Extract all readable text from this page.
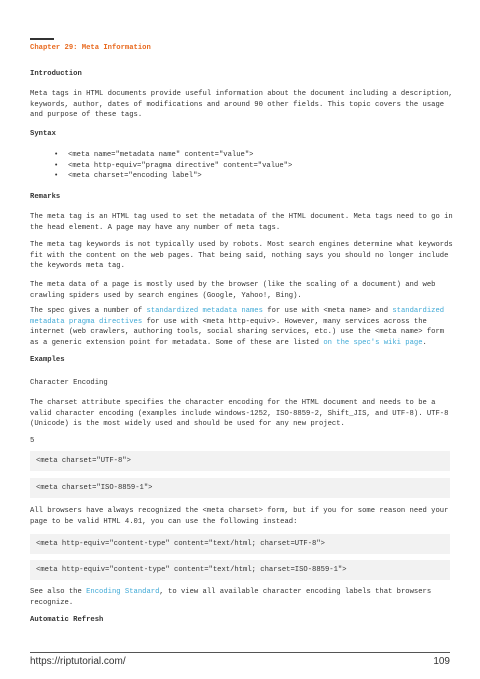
Chapter 29: Meta Information
Introduction

Meta tags in HTML documents provide useful information about the document including a description, keywords, author, dates of modifications and around 90 other fields. This topic covers the usage and purpose of these tags.

Syntax
• <meta name="metadata name" content="value">
• <meta http-equiv="pragma directive" content="value">
• <meta charset="encoding label">
Remarks

The meta tag is an HTML tag used to set the metadata of the HTML document. Meta tags need to go in the head element. A page may have any number of meta tags.

The meta tag keywords is not typically used by robots. Most search engines determine what keywords fit with the content on the web pages. That being said, nothing says you should no longer include the keywords meta tag.

The meta data of a page is mostly used by the browser (like the scaling of a document) and web crawling spiders used by search engines (Google, Yahoo!, Bing).

The spec gives a number of standardized metadata names for use with <meta name> and standardized metadata pragma directives for use with <meta http-equiv>. However, many services across the internet (web crawlers, authoring tools, social sharing services, etc.) use the <meta name> form as a generic extension point for metadata. Some of these are listed on the spec's wiki page.

Examples
Character Encoding

The charset attribute specifies the character encoding for the HTML document and needs to be a valid character encoding (examples include windows-1252, ISO-8859-2, Shift_JIS, and UTF-8). UTF-8 (Unicode) is the most widely used and should be used for any new project.

5
<meta charset="UTF-8">
<meta charset="ISO-8859-1">

All browsers have always recognized the <meta charset> form, but if you for some reason need your page to be valid HTML 4.01, you can use the following instead:

<meta http-equiv="content-type" content="text/html; charset=UTF-8">
<meta http-equiv="content-type" content="text/html; charset=ISO-8859-1">

See also the Encoding Standard, to view all available character encoding labels that browsers recognize.

Automatic Refresh
https://riptutorial.com/	109
